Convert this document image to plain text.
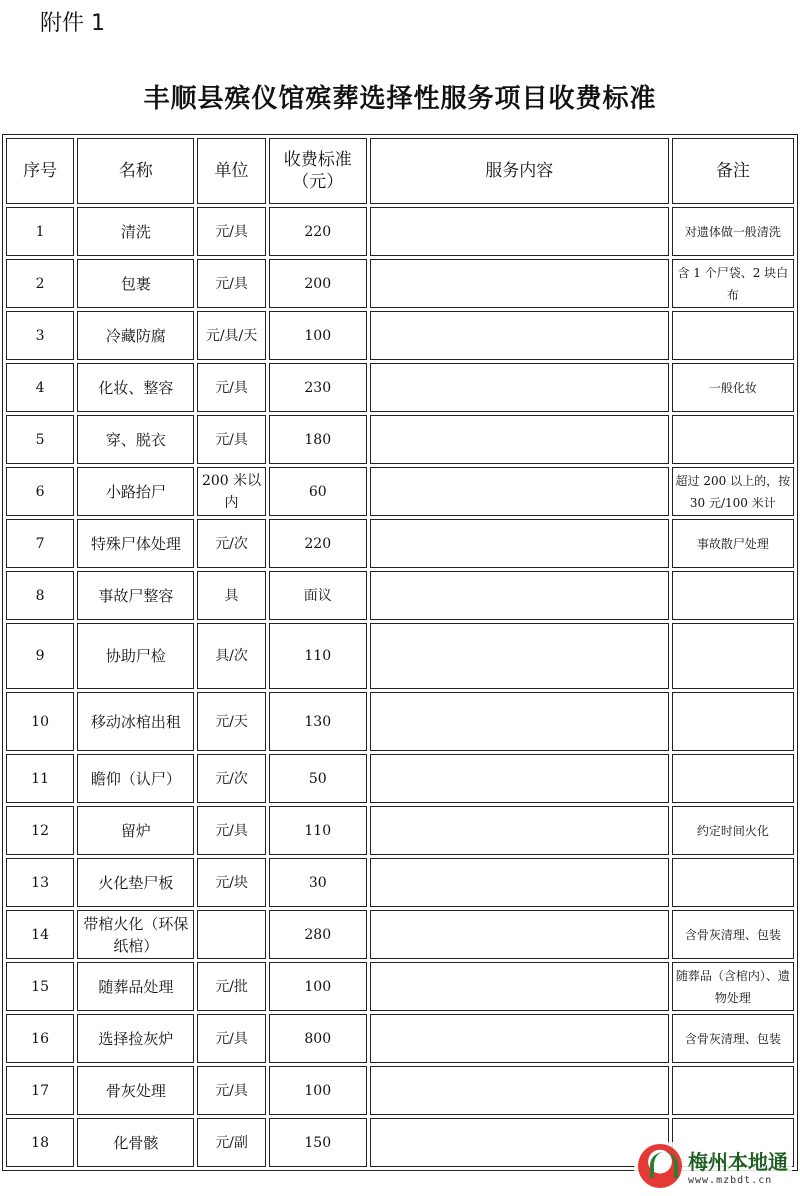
附件 1
丰顺县殡仪馆殡葬选择性服务项目收费标准
序号	名称	单位	收费标准（元）	服务内容	备注
1	清洗	元/具	220		对遗体做一般清洗
2	包裹	元/具	200		含 1 个尸袋、2 块白布
3	冷藏防腐	元/具/天	100		
4	化妆、整容	元/具	230		一般化妆
5	穿、脱衣	元/具	180		
6	小路抬尸	200 米以内	60		超过 200 以上的，按 30 元/100 米计
7	特殊尸体处理	元/次	220		事故散尸处理
8	事故尸整容	具	面议		
9	协助尸检	具/次	110		
10	移动冰棺出租	元/天	130		
11	瞻仰（认尸）	元/次	50		
12	留炉	元/具	110		约定时间火化
13	火化垫尸板	元/块	30		
14	带棺火化（环保纸棺）		280		含骨灰清理、包装
15	随葬品处理	元/批	100		随葬品（含棺内）、遗物处理
16	选择捡灰炉	元/具	800		含骨灰清理、包装
17	骨灰处理	元/具	100		
18	化骨骸	元/副	150		
梅州本地通
www.mzbdt.cn
